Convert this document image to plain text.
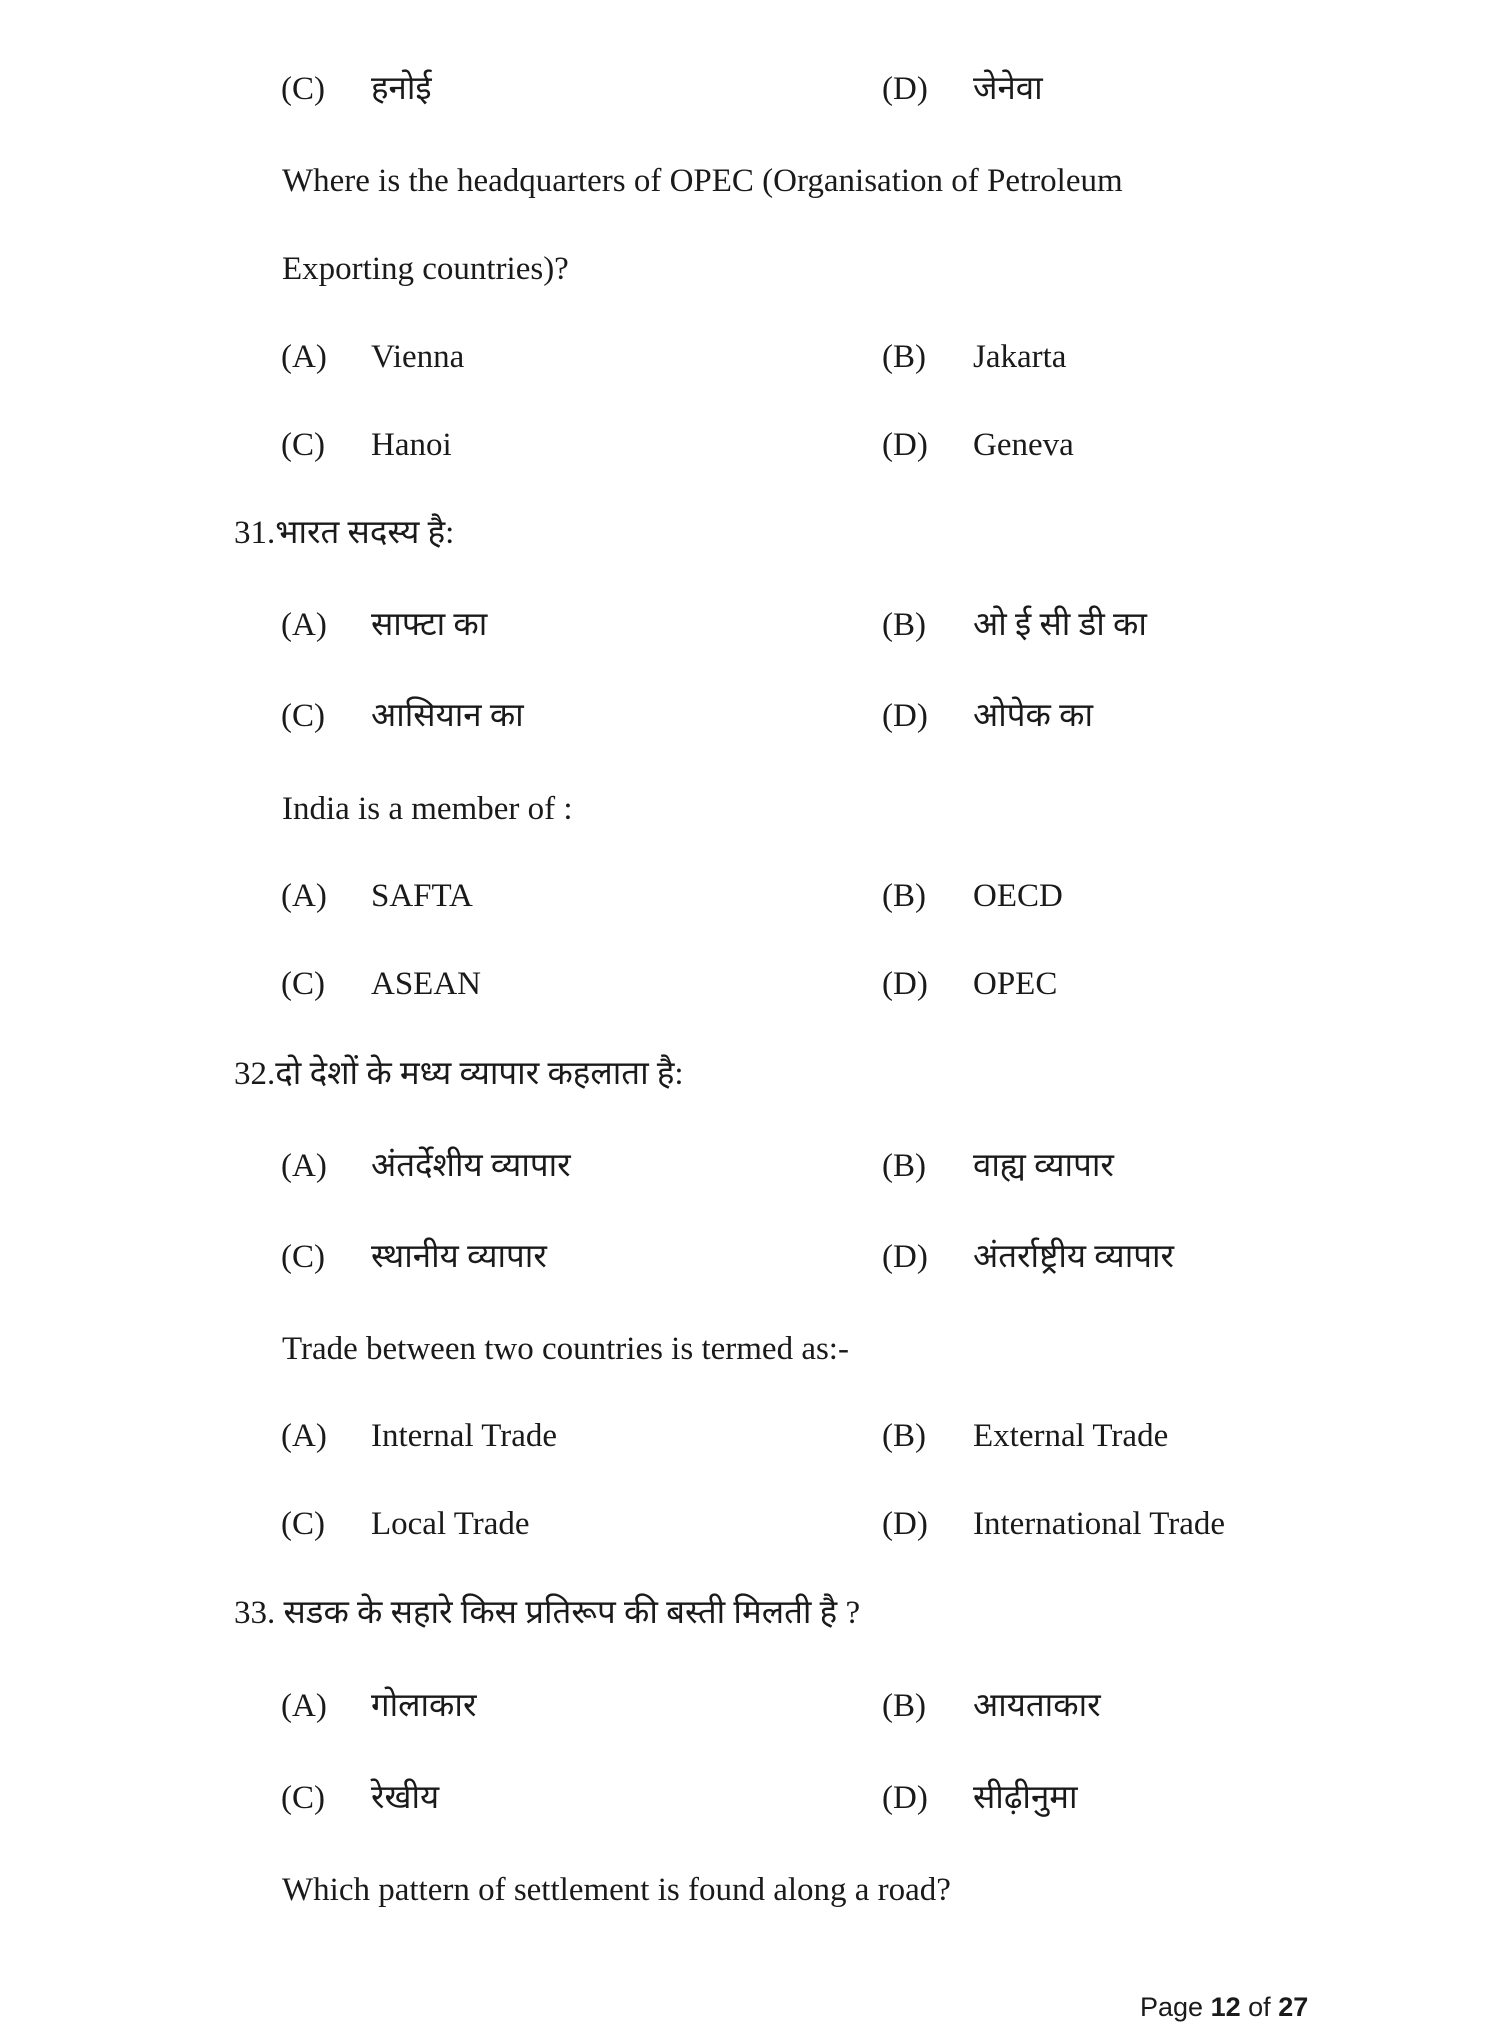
(C) हनोई	(D) जेनेवा
Where is the headquarters of OPEC (Organisation of Petroleum
Exporting countries)?
(A) Vienna	(B) Jakarta
(C) Hanoi	(D) Geneva
31.भारत सदस्य है:
(A) साफ्टा का	(B) ओ ई सी डी का
(C) आसियान का	(D) ओपेक का
India is a member of :
(A) SAFTA	(B) OECD
(C) ASEAN	(D) OPEC
32.दो देशों के मध्य व्यापार कहलाता है:
(A) अंतर्देशीय व्यापार	(B) वाह्य व्यापार
(C) स्थानीय व्यापार	(D) अंतर्राष्ट्रीय व्यापार
Trade between two countries is termed as:-
(A) Internal Trade	(B) External Trade
(C) Local Trade	(D) International Trade
33. सडक के सहारे किस प्रतिरूप की बस्ती मिलती है ?
(A) गोलाकार	(B) आयताकार
(C) रेखीय	(D) सीढ़ीनुमा
Which pattern of settlement is found along a road?
Page 12 of 27
